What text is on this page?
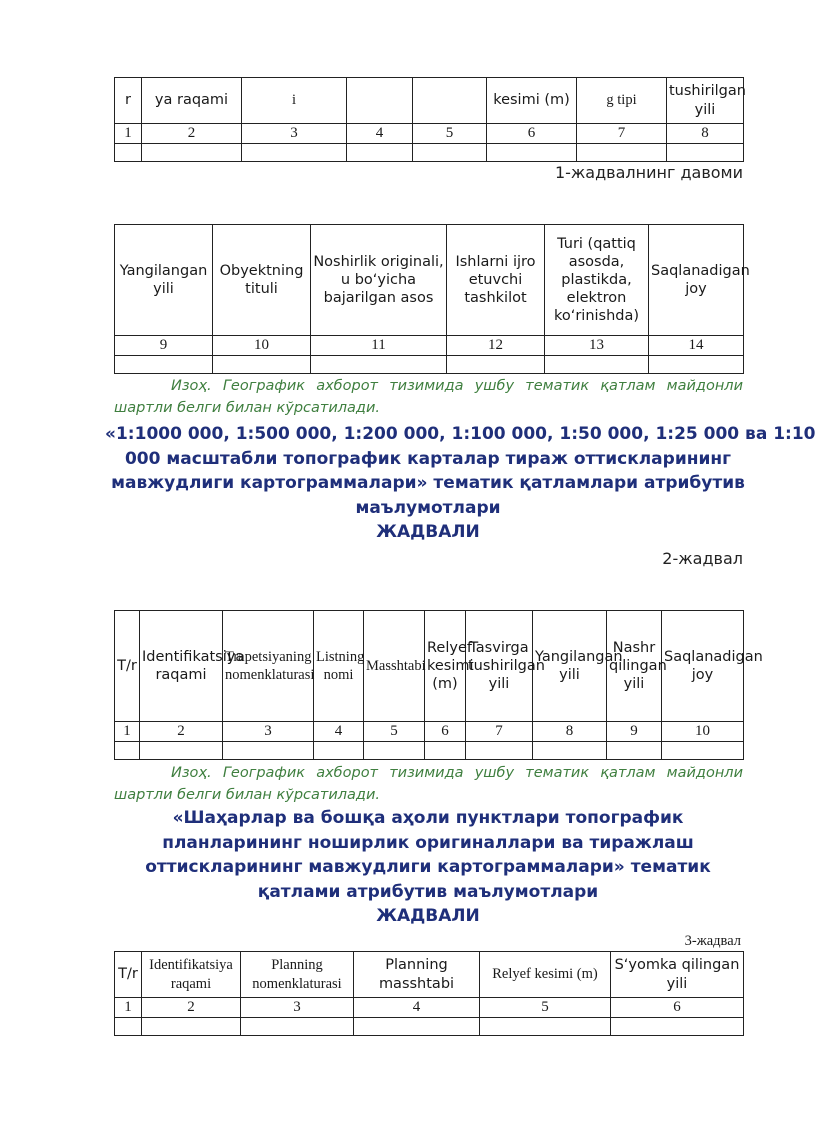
r	ya raqami	i			kesimi (m)	g tipi	tushirilgan yili
1	2	3	4	5	6	7	8

1-жадвалнинг давоми
Yangilangan yili	Obyektning tituli	Noshirlik originali, u bo‘yicha bajarilgan asos	Ishlarni ijro etuvchi tashkilot	Turi (qattiq asosda, plastikda, elektron ko‘rinishda)	Saqlanadigan joy
9	10	11	12	13	14

Изоҳ. Географик ахборот тизимида ушбу тематик қатлам майдонли шартли белги билан кўрсатилади.
«1:1000 000, 1:500 000, 1:200 000, 1:100 000, 1:50 000, 1:25 000 ва 1:10
000 масштабли топографик карталар тираж оттискларининг
мавжудлиги картограммалари» тематик қатламлари атрибутив
маълумотлари
ЖАДВАЛИ
2-жадвал
T/r	Identifikatsiya raqami	Trapetsiyaning nomenklaturasi	Listning nomi	Masshtabi	Relyef kesimi (m)	Tasvirga tushirilgan yili	Yangilangan yili	Nashr qilingan yili	Saqlanadigan joy
1	2	3	4	5	6	7	8	9	10

Изоҳ. Географик ахборот тизимида ушбу тематик қатлам майдонли шартли белги билан кўрсатилади.
«Шаҳарлар ва бошқа аҳоли пунктлари топографик
планларининг нoширлик оригиналлари ва тиражлаш
оттискларининг мавжудлиги картограммалари» тематик
қатлами атрибутив маълумотлари
ЖАДВАЛИ
3-жадвал
T/r	Identifikatsiya raqami	Planning nomenklaturasi	Planning masshtabi	Relyef kesimi (m)	S‘yomka qilingan yili
1	2	3	4	5	6
